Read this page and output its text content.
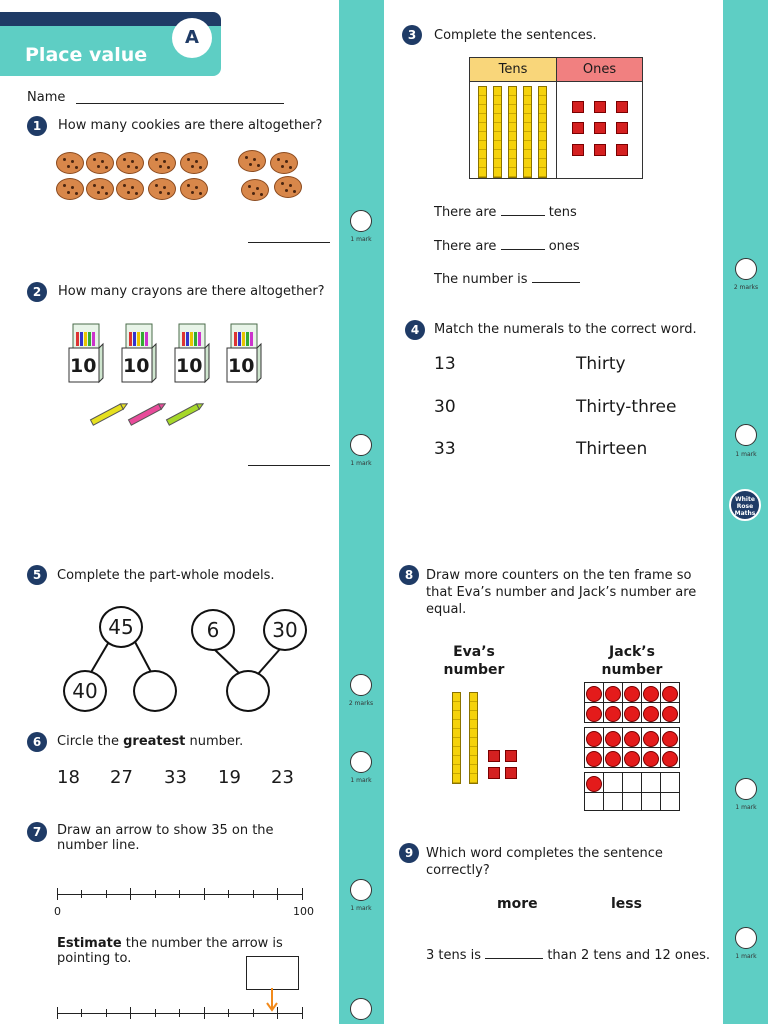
Place value
A
Name
1	How many cookies are there altogether?
1 mark
2	How many crayons are there altogether?
10 10 10 10
1 mark
3	Complete the sentences.
Tens	Ones
There are	tens
There are	ones
The number is
2 marks
4	Match the numerals to the correct word.
13
30
33
Thirty
Thirty-three
Thirteen	1 mark
White Rose Maths
5	Complete the part-whole models.
45
40
6	30
2 marks
6	Circle the greatest number.
18 27 33 19 23	1 mark
7	Draw an arrow to show 35 on the number line.
0	100	1 mark
Estimate the number the arrow is pointing to.
8 Draw more counters on the ten frame so that Eva’s number and Jack’s number are equal.
Eva’s number
Jack’s number

1 mark
9 Which word completes the sentence correctly?
more	less
3 tens is	than 2 tens and 12 ones.	1 mark
